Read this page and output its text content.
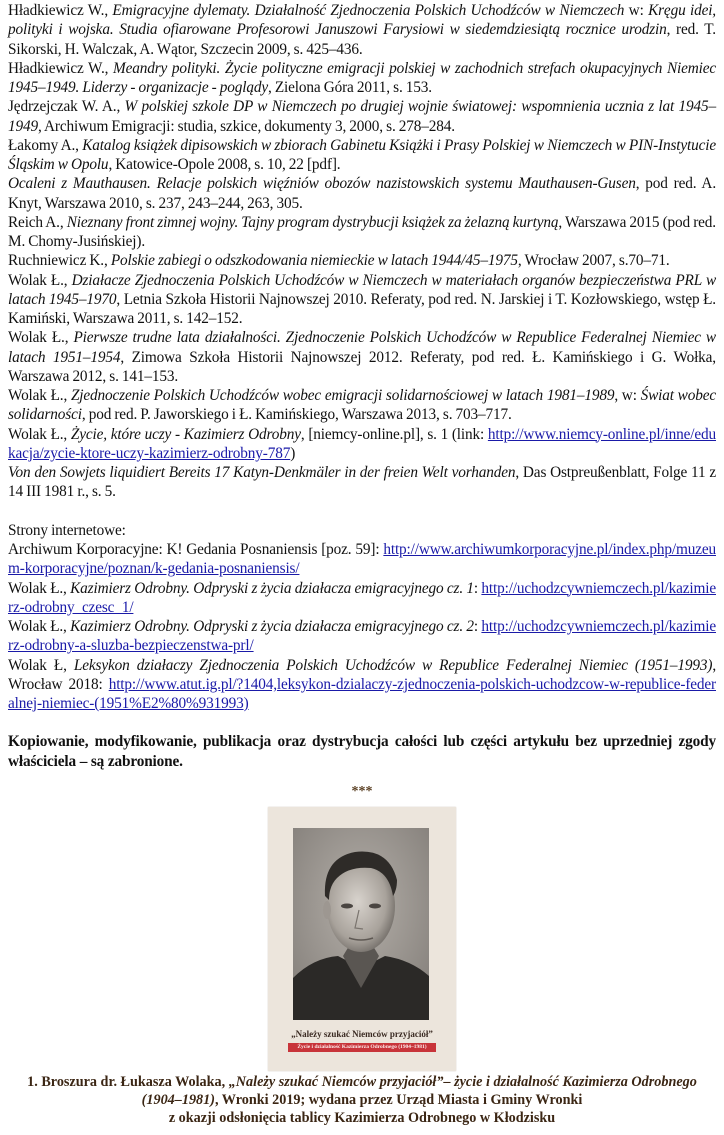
Hładkiewicz W., Emigracyjne dylematy. Działalność Zjednoczenia Polskich Uchodźców w Niemczech w: Kręgu idei, polityki i wojska. Studia ofiarowane Profesorowi Januszowi Farysiowi w siedemdziesiątą rocznice urodzin, red. T. Sikorski, H. Walczak, A. Wątor, Szczecin 2009, s. 425–436.

Hładkiewicz W., Meandry polityki. Życie polityczne emigracji polskiej w zachodnich strefach okupacyjnych Niemiec 1945–1949. Liderzy - organizacje - poglądy, Zielona Góra 2011, s. 153.

Jędrzejczak W. A., W polskiej szkole DP w Niemczech po drugiej wojnie światowej: wspomnienia ucznia z lat 1945–1949, Archiwum Emigracji: studia, szkice, dokumenty 3, 2000, s. 278–284.

Łakomy A., Katalog książek dipisowskich w zbiorach Gabinetu Książki i Prasy Polskiej w Niemczech w PIN-Instytucie Śląskim w Opolu, Katowice-Opole 2008, s. 10, 22 [pdf].

Ocaleni z Mauthausen. Relacje polskich więźniów obozów nazistowskich systemu Mauthausen-Gusen, pod red. A. Knyt, Warszawa 2010, s. 237, 243–244, 263, 305.

Reich A., Nieznany front zimnej wojny. Tajny program dystrybucji książek za żelazną kurtyną, Warszawa 2015 (pod red. M. Chomy-Jusińskiej).

Ruchniewicz K., Polskie zabiegi o odszkodowania niemieckie w latach 1944/45–1975, Wrocław 2007, s.70–71.

Wolak Ł., Działacze Zjednoczenia Polskich Uchodźców w Niemczech w materiałach organów bezpieczeństwa PRL w latach 1945–1970, Letnia Szkoła Historii Najnowszej 2010. Referaty, pod red. N. Jarskiej i T. Kozłowskiego, wstęp Ł. Kamiński, Warszawa 2011, s. 142–152.

Wolak Ł., Pierwsze trudne lata działalności. Zjednoczenie Polskich Uchodźców w Republice Federalnej Niemiec w latach 1951–1954, Zimowa Szkoła Historii Najnowszej 2012. Referaty, pod red. Ł. Kamińskiego i G. Wołka, Warszawa 2012, s. 141–153.

Wolak Ł., Zjednoczenie Polskich Uchodźców wobec emigracji solidarnościowej w latach 1981–1989, w: Świat wobec solidarności, pod red. P. Jaworskiego i Ł. Kamińskiego, Warszawa 2013, s. 703–717.

Wolak Ł., Życie, które uczy - Kazimierz Odrobny, [niemcy-online.pl], s. 1 (link: http://www.niemcy-online.pl/inne/edukacja/zycie-ktore-uczy-kazimierz-odrobny-787)

Von den Sowjets liquidiert Bereits 17 Katyn-Denkmäler in der freien Welt vorhanden, Das Ostpreußenblatt, Folge 11 z 14 III 1981 r., s. 5.

Strony internetowe:

Archiwum Korporacyjne: K! Gedania Posnaniensis [poz. 59]: http://www.archiwumkorporacyjne.pl/index.php/muzeum-korporacyjne/poznan/k-gedania-posnaniensis/

Wolak Ł., Kazimierz Odrobny. Odpryski z życia działacza emigracyjnego cz. 1: http://uchodzcywniemczech.pl/kazimierz-odrobny_czesc_1/

Wolak Ł., Kazimierz Odrobny. Odpryski z życia działacza emigracyjnego cz. 2: http://uchodzcywniemczech.pl/kazimierz-odrobny-a-sluzba-bezpieczenstwa-prl/

Wolak Ł, Leksykon działaczy Zjednoczenia Polskich Uchodźców w Republice Federalnej Niemiec (1951–1993), Wrocław 2018: http://www.atut.ig.pl/?1404,leksykon-dzialaczy-zjednoczenia-polskich-uchodzcow-w-republice-federalnej-niemiec-(1951%E2%80%931993)

Kopiowanie, modyfikowanie, publikacja oraz dystrybucja całości lub części artykułu bez uprzedniej zgody właściciela – są zabronione.
***
„Należy szukać Niemców przyjaciół”
Życie i działalność Kazimierza Odrobnego (1904–1981)
1. Broszura dr. Łukasza Wolaka, „Należy szukać Niemców przyjaciół”– życie i działalność Kazimierza Odrobnego (1904–1981), Wronki 2019; wydana przez Urząd Miasta i Gminy Wronki
z okazji odsłonięcia tablicy Kazimierza Odrobnego w Kłodzisku
